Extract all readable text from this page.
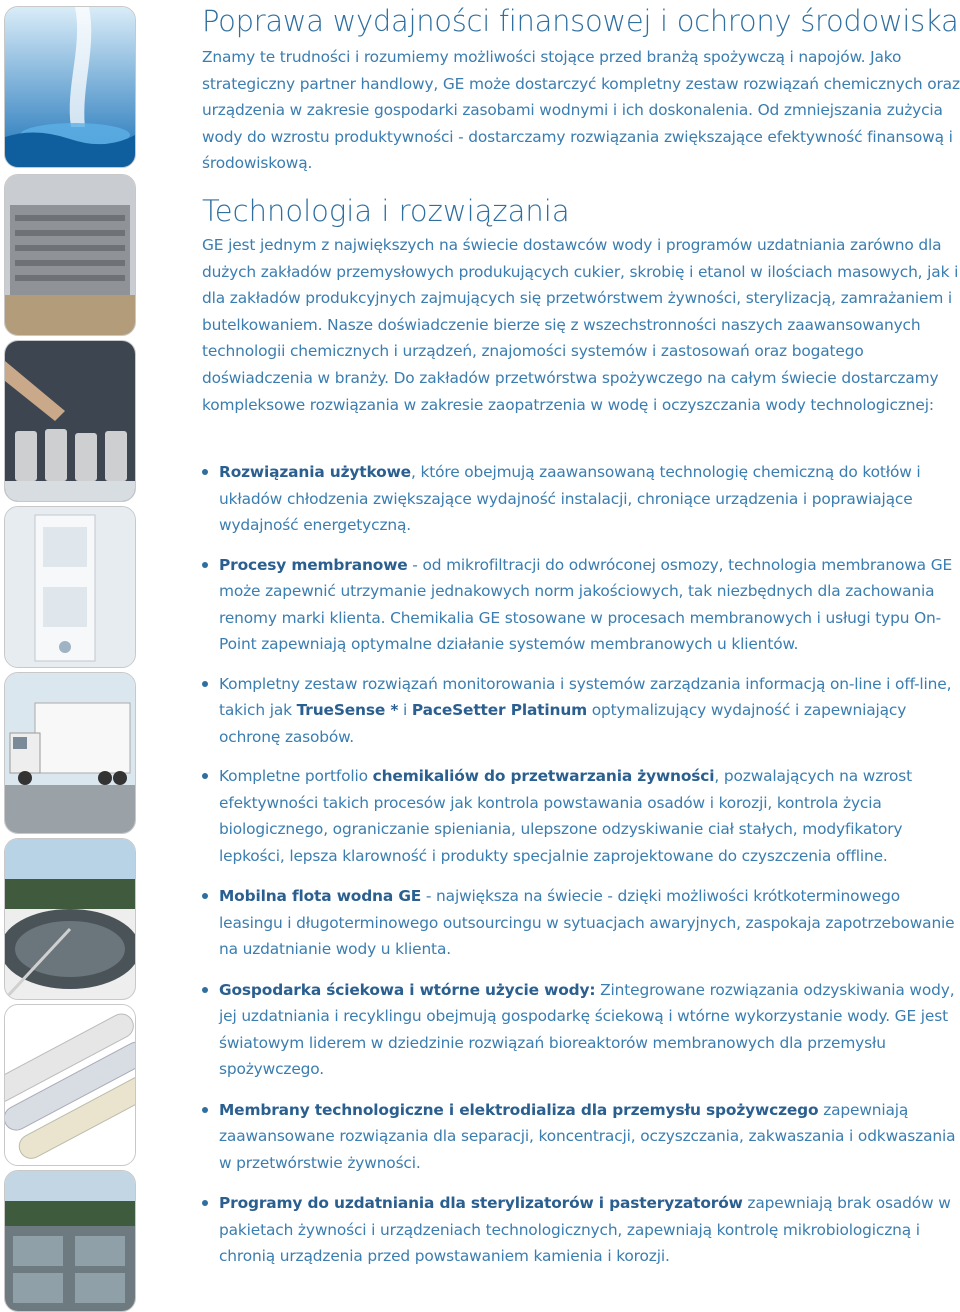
Poprawa wydajności finansowej i ochrony środowiska
Znamy te trudności i rozumiemy możliwości stojące przed branżą spożywczą i napojów. Jako strategiczny partner handlowy, GE może dostarczyć kompletny zestaw rozwiązań chemicznych oraz urządzenia w zakresie gospodarki zasobami wodnymi i ich doskonalenia. Od zmniejszania zużycia wody do wzrostu produktywności - dostarczamy rozwiązania zwiększające efektywność finansową i środowiskową.
Technologia i rozwiązania
GE jest jednym z największych na świecie dostawców wody i programów uzdatniania zarówno dla dużych zakładów przemysłowych produkujących cukier, skrobię i etanol w ilościach masowych, jak i dla zakładów produkcyjnych zajmujących się przetwórstwem żywności, sterylizacją, zamrażaniem i butelkowaniem. Nasze doświadczenie bierze się z wszechstronności naszych zaawansowanych technologii chemicznych i urządzeń, znajomości systemów i zastosowań oraz bogatego doświadczenia w branży. Do zakładów przetwórstwa spożywczego na całym świecie dostarczamy kompleksowe rozwiązania w zakresie zaopatrzenia w wodę i oczyszczania wody technologicznej:
Rozwiązania użytkowe, które obejmują zaawansowaną technologię chemiczną do kotłów i układów chłodzenia zwiększające wydajność instalacji, chroniące urządzenia i poprawiające wydajność energetyczną.
Procesy membranowe - od mikrofiltracji do odwróconej osmozy, technologia membranowa GE może zapewnić utrzymanie jednakowych norm jakościowych, tak niezbędnych dla zachowania renomy marki klienta. Chemikalia GE stosowane w procesach membranowych i usługi typu On-Point zapewniają optymalne działanie systemów membranowych u klientów.
Kompletny zestaw rozwiązań monitorowania i systemów zarządzania informacją on-line i off-line, takich jak TrueSense * i PaceSetter Platinum optymalizujący wydajność i zapewniający ochronę zasobów.
Kompletne portfolio chemikaliów do przetwarzania żywności, pozwalających na wzrost efektywności takich procesów jak kontrola powstawania osadów i korozji, kontrola życia biologicznego, ograniczanie spieniania, ulepszone odzyskiwanie ciał stałych, modyfikatory lepkości, lepsza klarowność i produkty specjalnie zaprojektowane do czyszczenia offline.
Mobilna flota wodna GE - największa na świecie - dzięki możliwości krótkoterminowego leasingu i długoterminowego outsourcingu w sytuacjach awaryjnych, zaspokaja zapotrzebowanie na uzdatnianie wody u klienta.
Gospodarka ściekowa i wtórne użycie wody: Zintegrowane rozwiązania odzyskiwania wody, jej uzdatniania i recyklingu obejmują gospodarkę ściekową i wtórne wykorzystanie wody. GE jest światowym liderem w dziedzinie rozwiązań bioreaktorów membranowych dla przemysłu spożywczego.
Membrany technologiczne i elektrodializa dla przemysłu spożywczego zapewniają zaawansowane rozwiązania dla separacji, koncentracji, oczyszczania, zakwaszania i odkwaszania w przetwórstwie żywności.
Programy do uzdatniania dla sterylizatorów i pasteryzatorów zapewniają brak osadów w pakietach żywności i urządzeniach technologicznych, zapewniają kontrolę mikrobiologiczną i chronią urządzenia przed powstawaniem kamienia i korozji.
